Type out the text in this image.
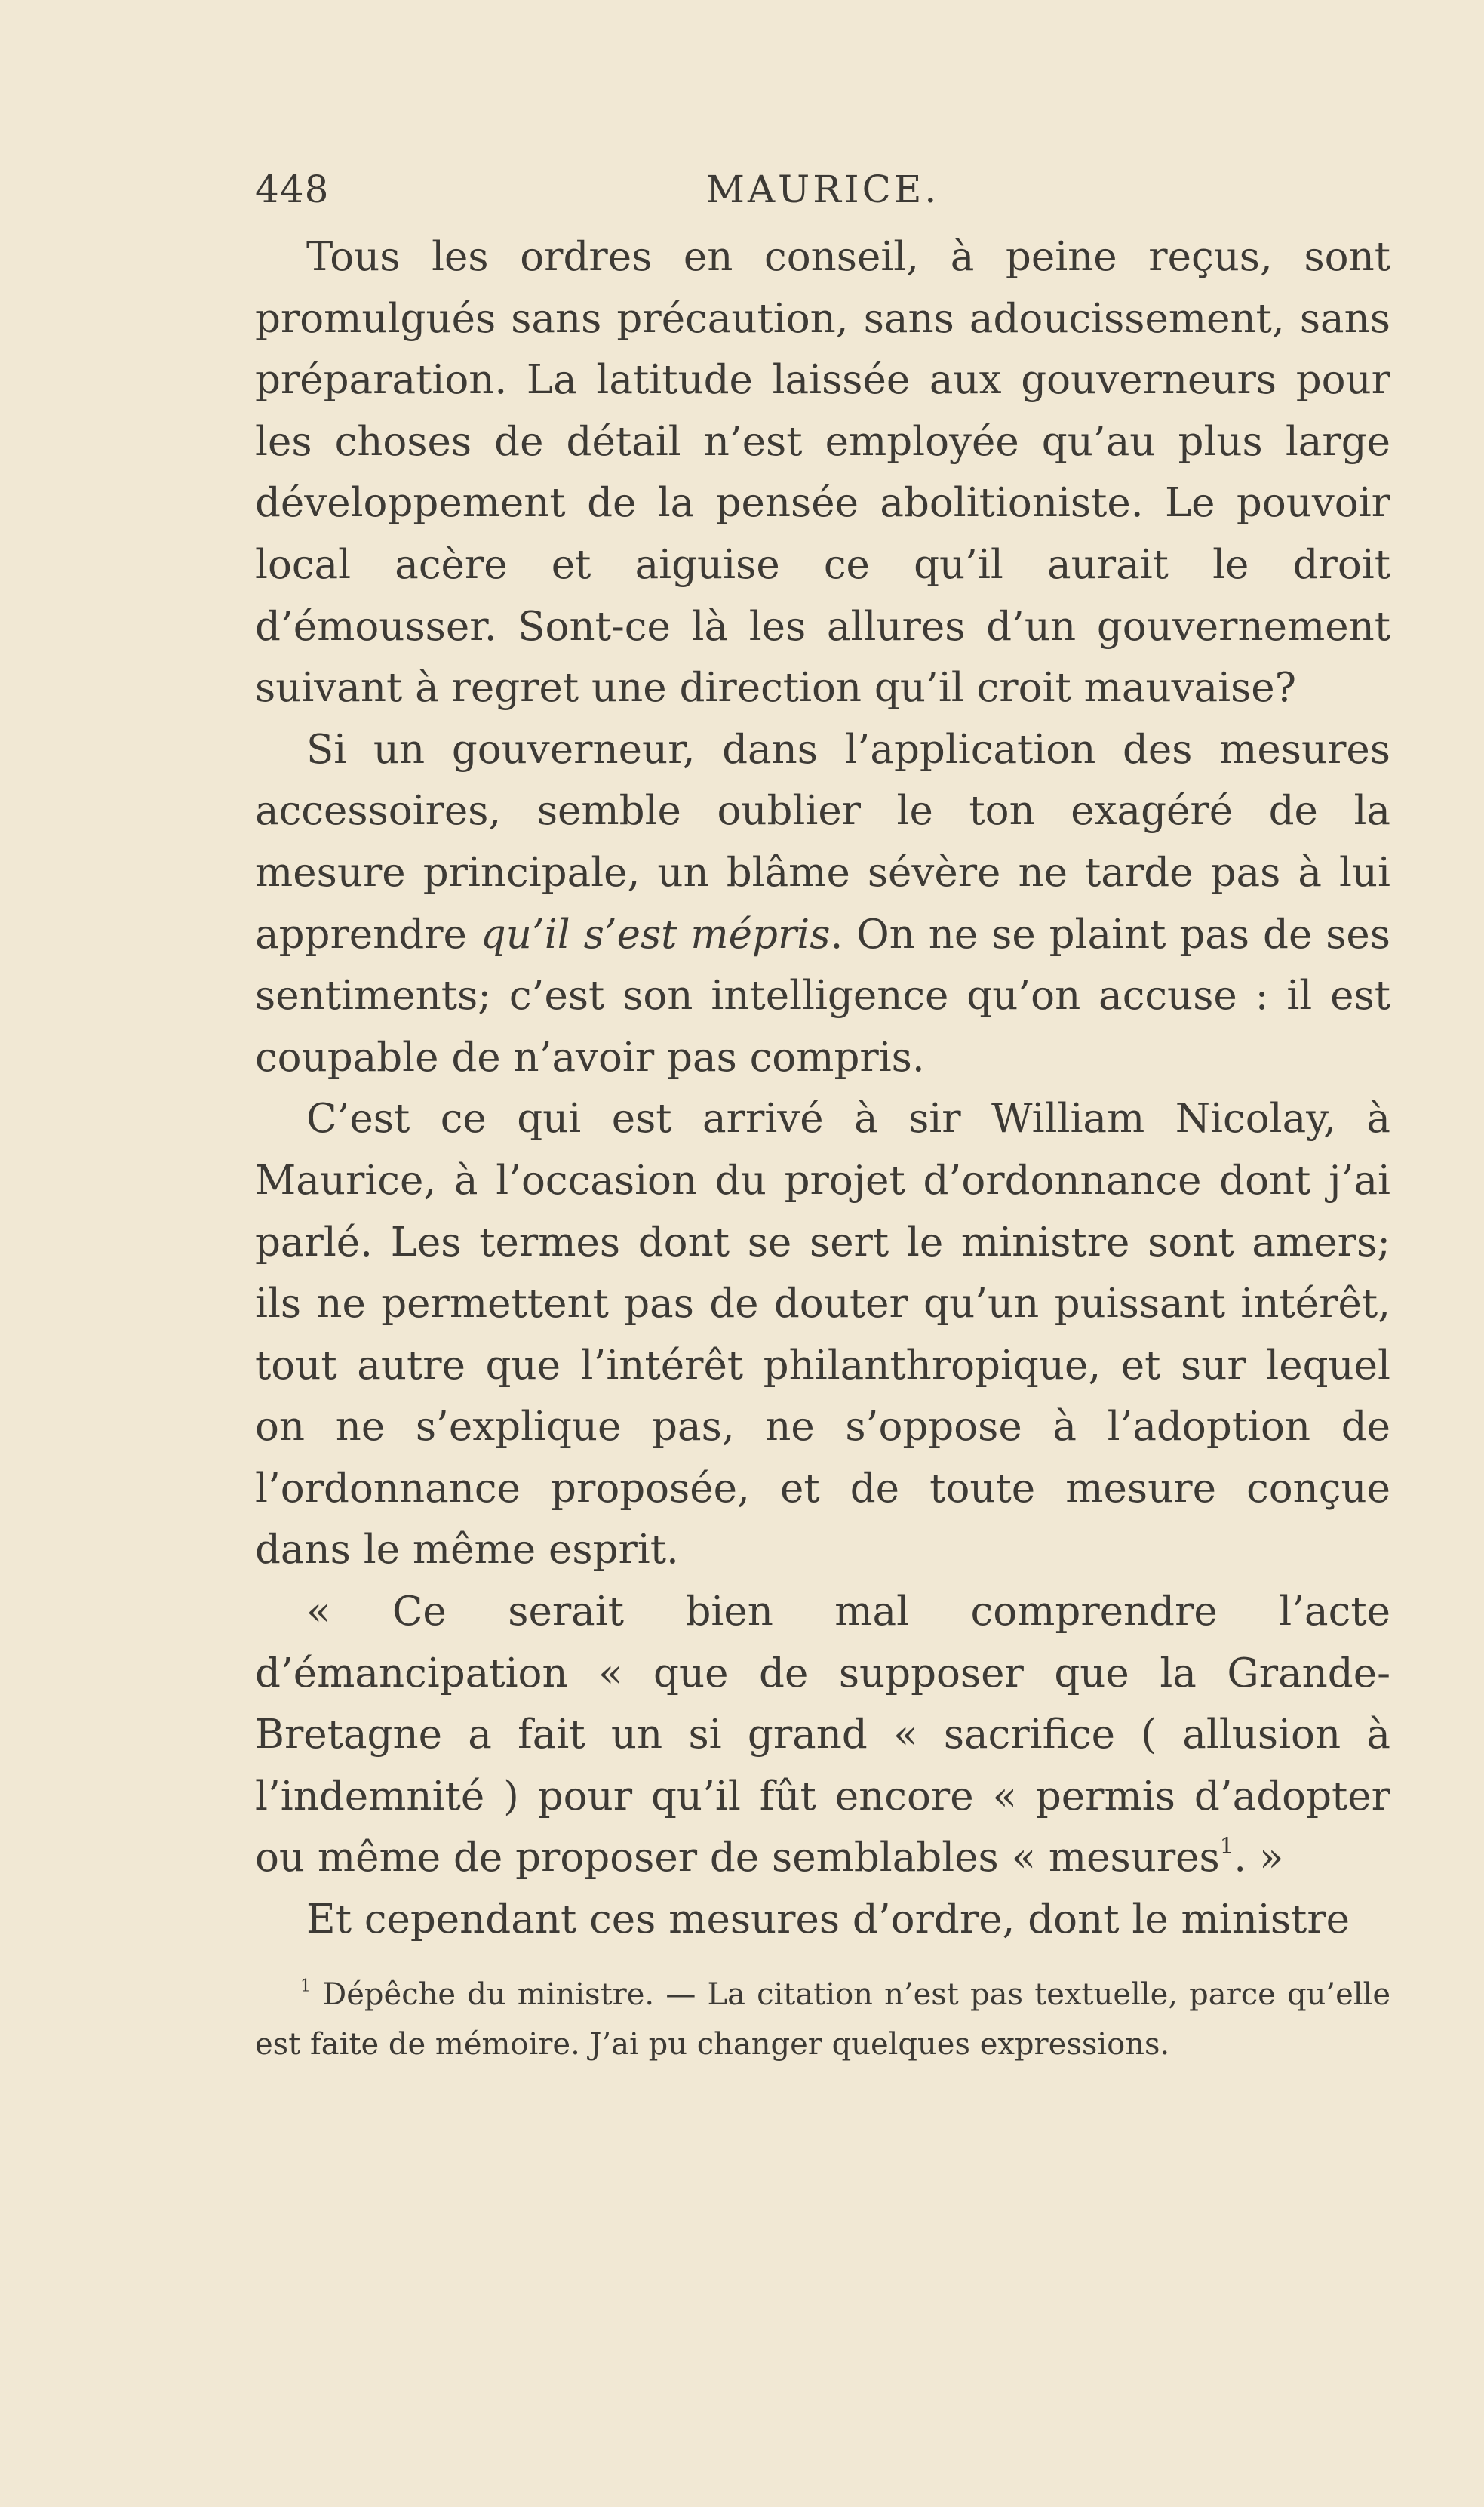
448	MAURICE.

Tous les ordres en conseil, à peine reçus, sont promulgués sans précaution, sans adoucissement, sans préparation. La latitude laissée aux gouverneurs pour les choses de détail n’est employée qu’au plus large développement de la pensée abolitioniste. Le pouvoir local acère et aiguise ce qu’il aurait le droit d’émousser. Sont-ce là les allures d’un gouvernement suivant à regret une direction qu’il croit mauvaise?

Si un gouverneur, dans l’application des mesures accessoires, semble oublier le ton exagéré de la mesure principale, un blâme sévère ne tarde pas à lui apprendre qu’il s’est mépris. On ne se plaint pas de ses sentiments; c’est son intelligence qu’on accuse : il est coupable de n’avoir pas compris.

C’est ce qui est arrivé à sir William Nicolay, à Maurice, à l’occasion du projet d’ordonnance dont j’ai parlé. Les termes dont se sert le ministre sont amers; ils ne permettent pas de douter qu’un puissant intérêt, tout autre que l’intérêt philanthropique, et sur lequel on ne s’explique pas, ne s’oppose à l’adoption de l’ordonnance proposée, et de toute mesure conçue dans le même esprit.

« Ce serait bien mal comprendre l’acte d’émancipation « que de supposer que la Grande-Bretagne a fait un si grand « sacrifice ( allusion à l’indemnité ) pour qu’il fût encore « permis d’adopter ou même de proposer de semblables « mesures$^1$. »

Et cependant ces mesures d’ordre, dont le ministre

$^1$ Dépêche du ministre. — La citation n’est pas textuelle, parce qu’elle est faite de mémoire. J’ai pu changer quelques expressions.
